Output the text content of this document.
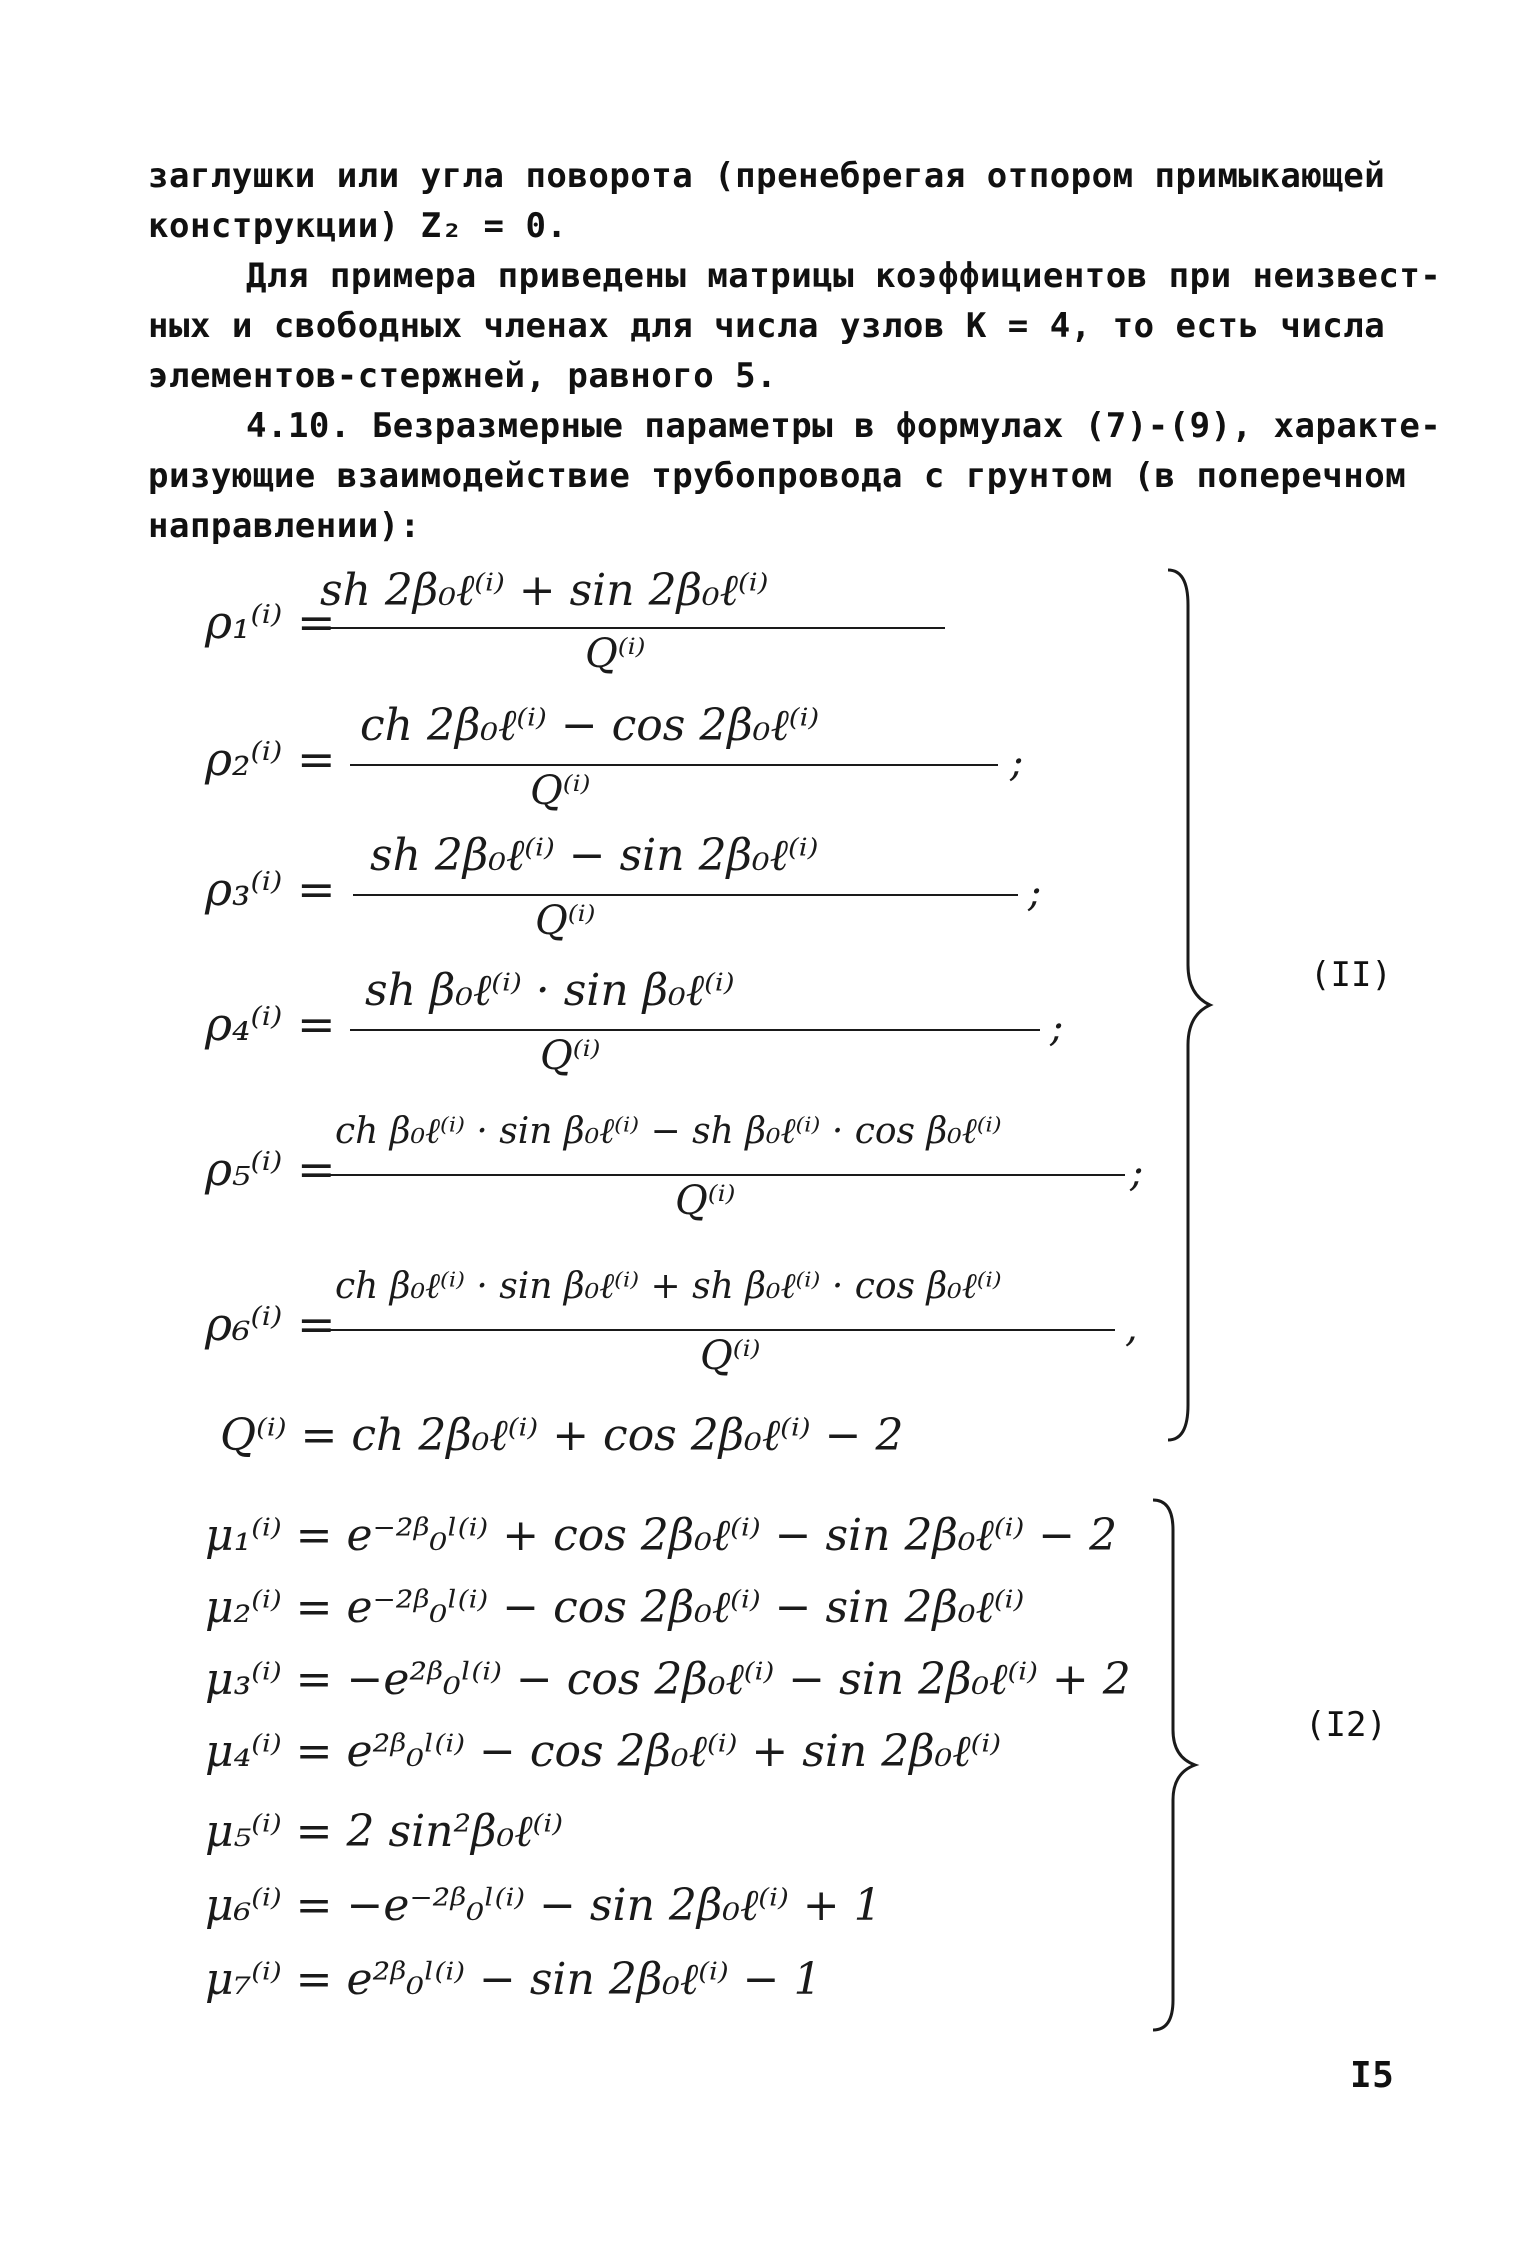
заглушки или угла поворота (пренебрегая отпором примыкающей
конструкции) Z₂ = 0.
Для примера приведены матрицы коэффициентов при неизвест-
ных и свободных членах для числа узлов К = 4, то есть числа
элементов-стержней, равного 5.
4.10. Безразмерные параметры в формулах (7)-(9), характе-
ризующие взаимодействие трубопровода с грунтом (в поперечном
направлении):
ρ₁⁽ⁱ⁾ =
sh 2β₀ℓ⁽ⁱ⁾ + sin 2β₀ℓ⁽ⁱ⁾
Q⁽ⁱ⁾
ρ₂⁽ⁱ⁾ =
ch 2β₀ℓ⁽ⁱ⁾ − cos 2β₀ℓ⁽ⁱ⁾
Q⁽ⁱ⁾
;
ρ₃⁽ⁱ⁾ =
sh 2β₀ℓ⁽ⁱ⁾ − sin 2β₀ℓ⁽ⁱ⁾
Q⁽ⁱ⁾
;
ρ₄⁽ⁱ⁾ =
sh β₀ℓ⁽ⁱ⁾ · sin β₀ℓ⁽ⁱ⁾
Q⁽ⁱ⁾
;
ρ₅⁽ⁱ⁾ =
ch β₀ℓ⁽ⁱ⁾ · sin β₀ℓ⁽ⁱ⁾ − sh β₀ℓ⁽ⁱ⁾ · cos β₀ℓ⁽ⁱ⁾
Q⁽ⁱ⁾
;
ρ₆⁽ⁱ⁾ =
ch β₀ℓ⁽ⁱ⁾ · sin β₀ℓ⁽ⁱ⁾ + sh β₀ℓ⁽ⁱ⁾ · cos β₀ℓ⁽ⁱ⁾
Q⁽ⁱ⁾
,
Q⁽ⁱ⁾ = ch 2β₀ℓ⁽ⁱ⁾ + cos 2β₀ℓ⁽ⁱ⁾ − 2
(II)
μ₁⁽ⁱ⁾ = e⁻²ᵝ₀ˡ⁽ⁱ⁾ + cos 2β₀ℓ⁽ⁱ⁾ − sin 2β₀ℓ⁽ⁱ⁾ − 2
μ₂⁽ⁱ⁾ = e⁻²ᵝ₀ˡ⁽ⁱ⁾ − cos 2β₀ℓ⁽ⁱ⁾ − sin 2β₀ℓ⁽ⁱ⁾
μ₃⁽ⁱ⁾ = −e²ᵝ₀ˡ⁽ⁱ⁾ − cos 2β₀ℓ⁽ⁱ⁾ − sin 2β₀ℓ⁽ⁱ⁾ + 2
μ₄⁽ⁱ⁾ = e²ᵝ₀ˡ⁽ⁱ⁾ − cos 2β₀ℓ⁽ⁱ⁾ + sin 2β₀ℓ⁽ⁱ⁾
μ₅⁽ⁱ⁾ = 2 sin²β₀ℓ⁽ⁱ⁾
μ₆⁽ⁱ⁾ = −e⁻²ᵝ₀ˡ⁽ⁱ⁾ − sin 2β₀ℓ⁽ⁱ⁾ + 1
μ₇⁽ⁱ⁾ = e²ᵝ₀ˡ⁽ⁱ⁾ − sin 2β₀ℓ⁽ⁱ⁾ − 1
(I2)
I5
